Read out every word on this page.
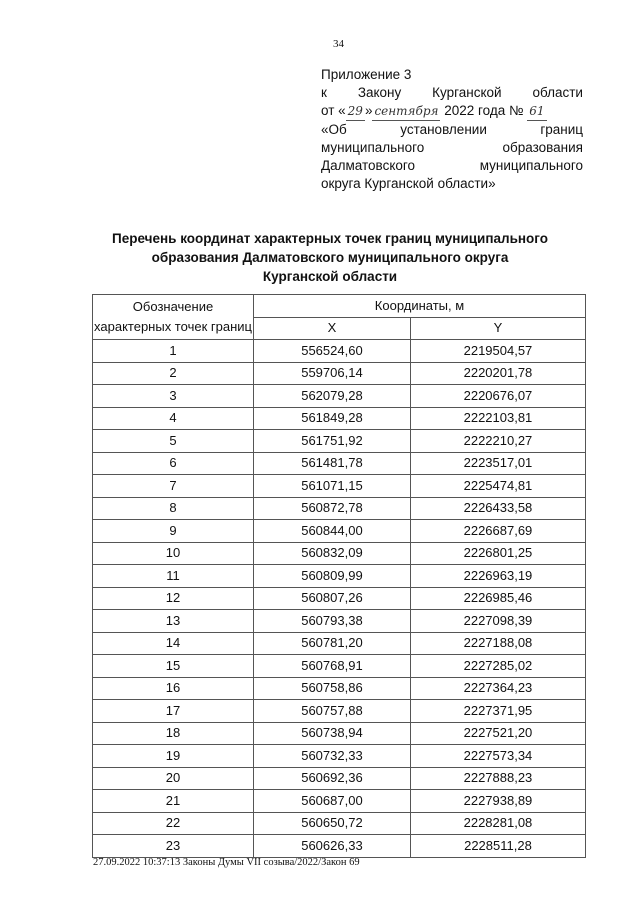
34
Приложение 3
к Закону Курганской области
от « 29 » сентября 2022 года № 61
«Об	установлении	границ
муниципального	образования
Далматовского	муниципального
округа Курганской области»
Перечень координат характерных точек границ муниципального
образования Далматовского муниципального округа
Курганской области
Обозначение характерных точек границ	Координаты, м	
	X	Y
1	556524,60	2219504,57
2	559706,14	2220201,78
3	562079,28	2220676,07
4	561849,28	2222103,81
5	561751,92	2222210,27
6	561481,78	2223517,01
7	561071,15	2225474,81
8	560872,78	2226433,58
9	560844,00	2226687,69
10	560832,09	2226801,25
11	560809,99	2226963,19
12	560807,26	2226985,46
13	560793,38	2227098,39
14	560781,20	2227188,08
15	560768,91	2227285,02
16	560758,86	2227364,23
17	560757,88	2227371,95
18	560738,94	2227521,20
19	560732,33	2227573,34
20	560692,36	2227888,23
21	560687,00	2227938,89
22	560650,72	2228281,08
23	560626,33	2228511,28
27.09.2022 10:37:13 Законы Думы VII созыва/2022/Закон 69
